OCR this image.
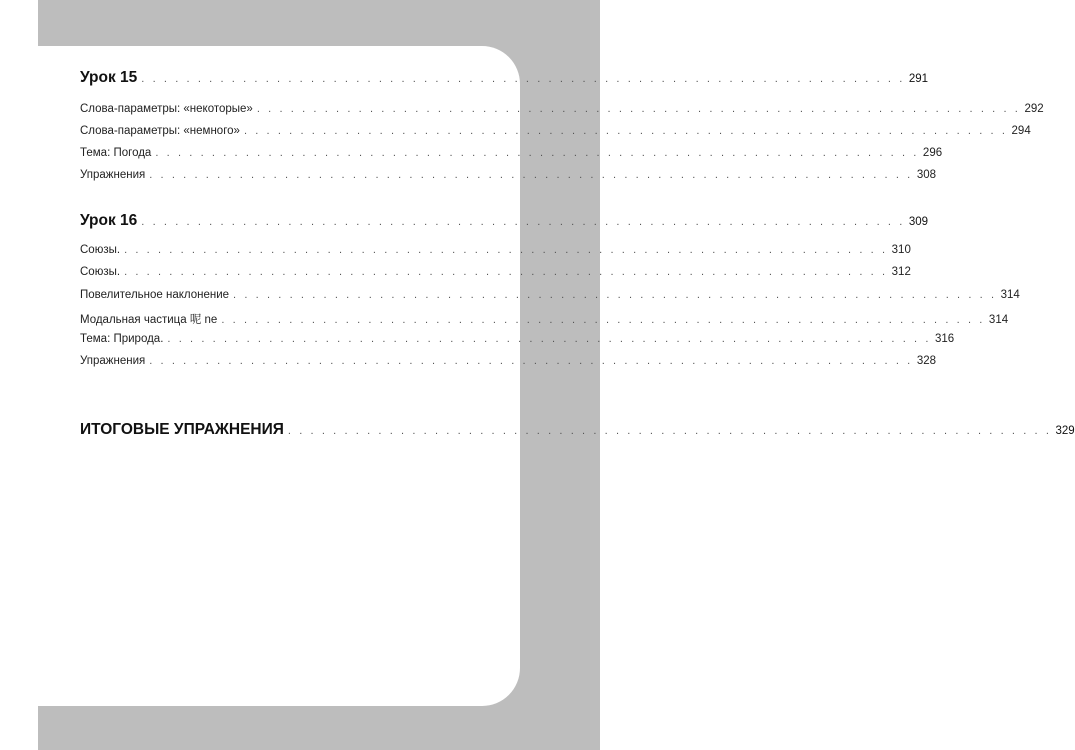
Урок 15 . . . . . . . . . . . . . . . . . . . . . . . . . . . . . . . . . . . . . . . . . . . . . . . . . . . . . . . . . . . . . . . . . . . . 291
Слова-параметры: «некоторые» . . . . . . . . . . . . . . . . . . . . . . . . . . . . . . . . . . . . . . . . . . . . . . . . . . . . . . . . . . . . . . . . . . . . 292
Слова-параметры: «немного» . . . . . . . . . . . . . . . . . . . . . . . . . . . . . . . . . . . . . . . . . . . . . . . . . . . . . . . . . . . . . . . . . . . . 294
Тема: Погода . . . . . . . . . . . . . . . . . . . . . . . . . . . . . . . . . . . . . . . . . . . . . . . . . . . . . . . . . . . . . . . . . . . . 296
Упражнения . . . . . . . . . . . . . . . . . . . . . . . . . . . . . . . . . . . . . . . . . . . . . . . . . . . . . . . . . . . . . . . . . . . . 308
Урок 16 . . . . . . . . . . . . . . . . . . . . . . . . . . . . . . . . . . . . . . . . . . . . . . . . . . . . . . . . . . . . . . . . . . . . 309
Союзы. . . . . . . . . . . . . . . . . . . . . . . . . . . . . . . . . . . . . . . . . . . . . . . . . . . . . . . . . . . . . . . . . . . . . 310
Союзы. . . . . . . . . . . . . . . . . . . . . . . . . . . . . . . . . . . . . . . . . . . . . . . . . . . . . . . . . . . . . . . . . . . . . 312
Повелительное наклонение . . . . . . . . . . . . . . . . . . . . . . . . . . . . . . . . . . . . . . . . . . . . . . . . . . . . . . . . . . . . . . . . . . . . 314
Модальная частица 呢 ne . . . . . . . . . . . . . . . . . . . . . . . . . . . . . . . . . . . . . . . . . . . . . . . . . . . . . . . . . . . . . . . . . . . . 314
Тема: Природа. . . . . . . . . . . . . . . . . . . . . . . . . . . . . . . . . . . . . . . . . . . . . . . . . . . . . . . . . . . . . . . . . . . . . 316
Упражнения . . . . . . . . . . . . . . . . . . . . . . . . . . . . . . . . . . . . . . . . . . . . . . . . . . . . . . . . . . . . . . . . . . . . 328
ИТОГОВЫЕ УПРАЖНЕНИЯ . . . . . . . . . . . . . . . . . . . . . . . . . . . . . . . . . . . . . . . . . . . . . . . . . . . . . . . . . . . . . . . . . . . . 329
